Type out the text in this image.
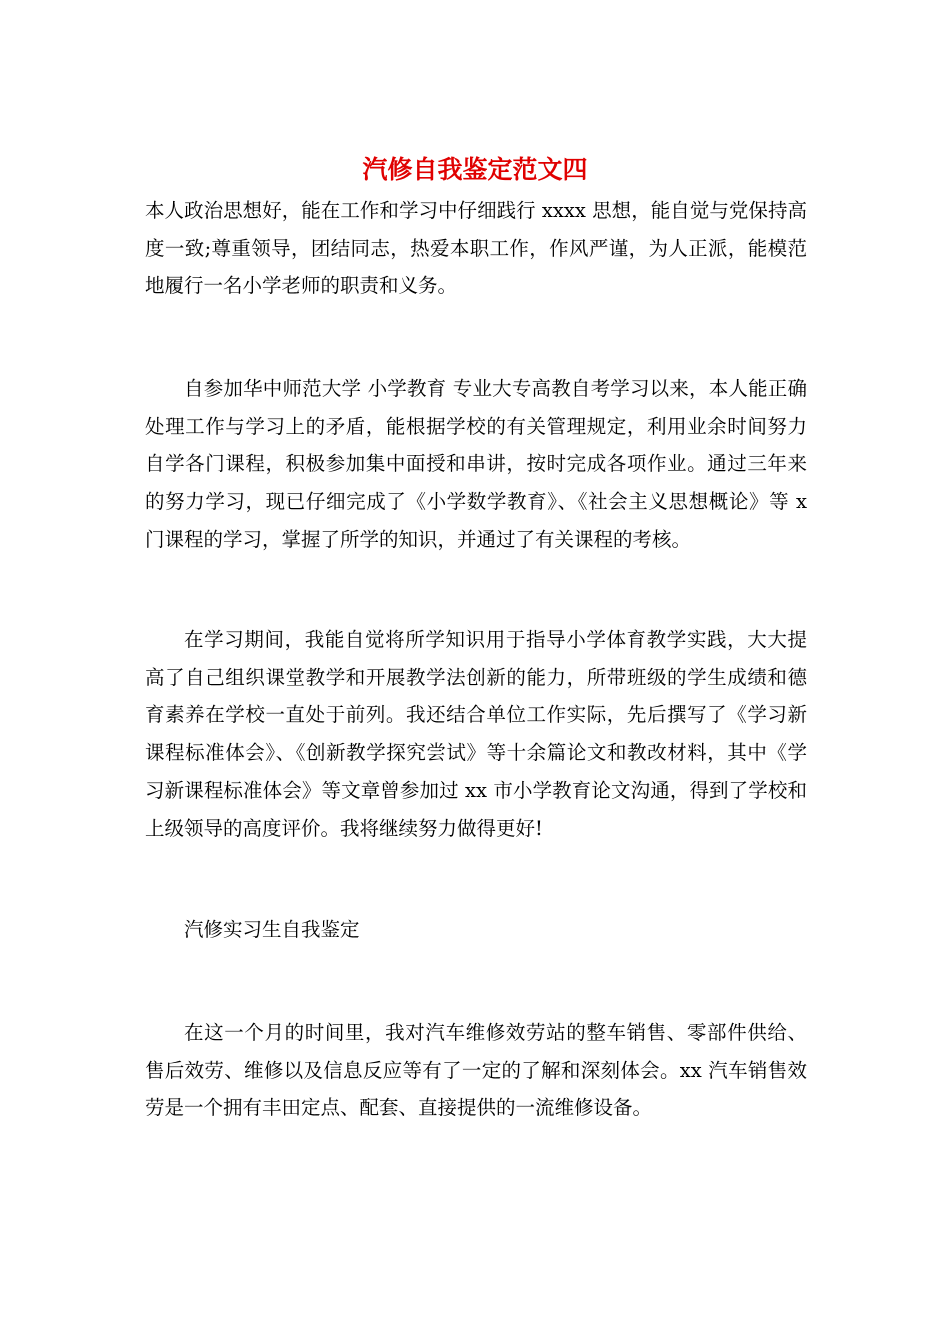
汽修自我鉴定范文四

本人政治思想好，能在工作和学习中仔细践行 xxxx 思想，能自觉与党保持高度一致;尊重领导，团结同志，热爱本职工作，作风严谨，为人正派，能模范地履行一名小学老师的职责和义务。

自参加华中师范大学 小学教育 专业大专高教自考学习以来，本人能正确处理工作与学习上的矛盾，能根据学校的有关管理规定，利用业余时间努力自学各门课程，积极参加集中面授和串讲，按时完成各项作业。通过三年来的努力学习，现已仔细完成了《小学数学教育》、《社会主义思想概论》等 x 门课程的学习，掌握了所学的知识，并通过了有关课程的考核。

在学习期间，我能自觉将所学知识用于指导小学体育教学实践，大大提高了自己组织课堂教学和开展教学法创新的能力，所带班级的学生成绩和德育素养在学校一直处于前列。我还结合单位工作实际，先后撰写了《学习新课程标准体会》、《创新教学探究尝试》等十余篇论文和教改材料，其中《学习新课程标准体会》等文章曾参加过 xx 市小学教育论文沟通，得到了学校和上级领导的高度评价。我将继续努力做得更好!

汽修实习生自我鉴定

在这一个月的时间里，我对汽车维修效劳站的整车销售、零部件供给、售后效劳、维修以及信息反应等有了一定的了解和深刻体会。xx 汽车销售效劳是一个拥有丰田定点、配套、直接提供的一流维修设备。
